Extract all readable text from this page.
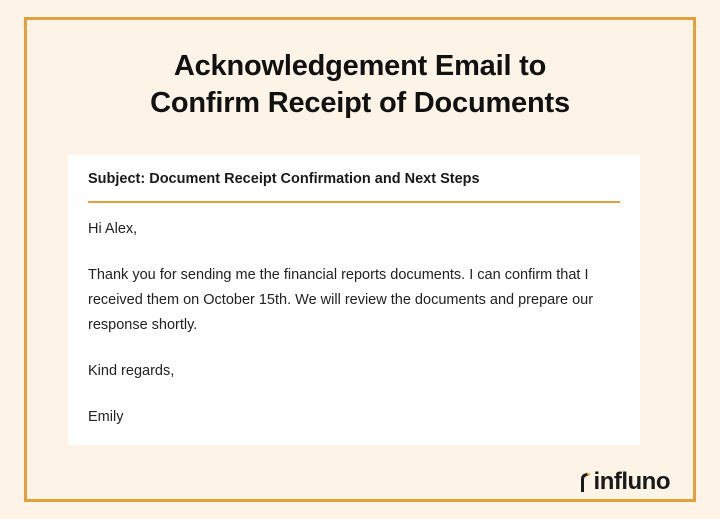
Acknowledgement Email to
Confirm Receipt of Documents
Subject: Document Receipt Confirmation and Next Steps

Hi Alex,

Thank you for sending me the financial reports documents. I can confirm that I received them on October 15th. We will review the documents and prepare our response shortly.

Kind regards,

Emily

influno
